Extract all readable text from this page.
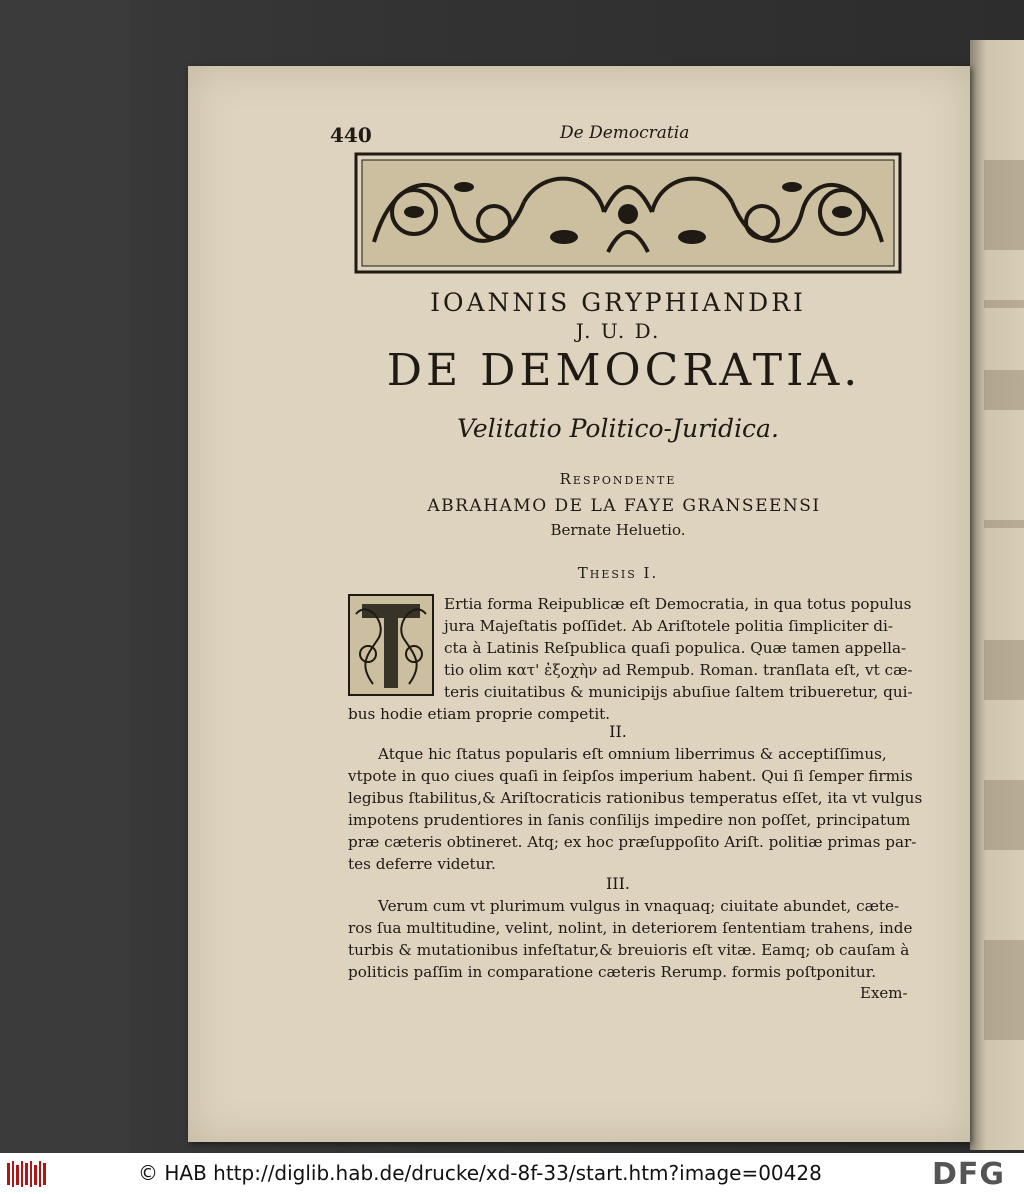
440	De Democratia
IOANNIS GRYPHIANDRI
J. U. D.
DE DEMOCRATIA.
Velitatio Politico-Juridica.
Respondente
ABRAHAMO DE LA FAYE GRANSEENSI
Bernate Heluetio.
Thesis I.
Ertia forma Reipublicæ eſt Democratia, in qua totus populus
jura Majeſtatis poſſidet. Ab Ariſtotele politia ſimpliciter di-
cta à Latinis Reſpublica quaſi populica. Quæ tamen appella-
tio olim κατ' ἐξοχὴν ad Rempub. Roman. tranſlata eſt, vt cæ-
teris ciuitatibus & municipijs abuſiue ſaltem tribueretur, qui-
bus hodie etiam proprie competit.
II.
Atque hic ſtatus popularis eſt omnium liberrimus & acceptiſſimus,
vtpote in quo ciues quaſi in ſeipſos imperium habent. Qui ſi ſemper firmis
legibus ſtabilitus,& Ariſtocraticis rationibus temperatus eſſet, ita vt vulgus
impotens prudentiores in ſanis conſilijs impedire non poſſet, principatum
præ cæteris obtineret. Atq; ex hoc præſuppoſito Ariſt. politiæ primas par-
tes deferre videtur.
III.
Verum cum vt plurimum vulgus in vnaquaq; ciuitate abundet, cæte-
ros ſua multitudine, velint, nolint, in deteriorem ſententiam trahens, inde
turbis & mutationibus infeſtatur,& breuioris eſt vitæ. Eamq; ob cauſam à
politicis paſſim in comparatione cæteris Rerump. formis poſtponitur.
Exem-
© HAB http://diglib.hab.de/drucke/xd-8f-33/start.htm?image=00428	DFG
